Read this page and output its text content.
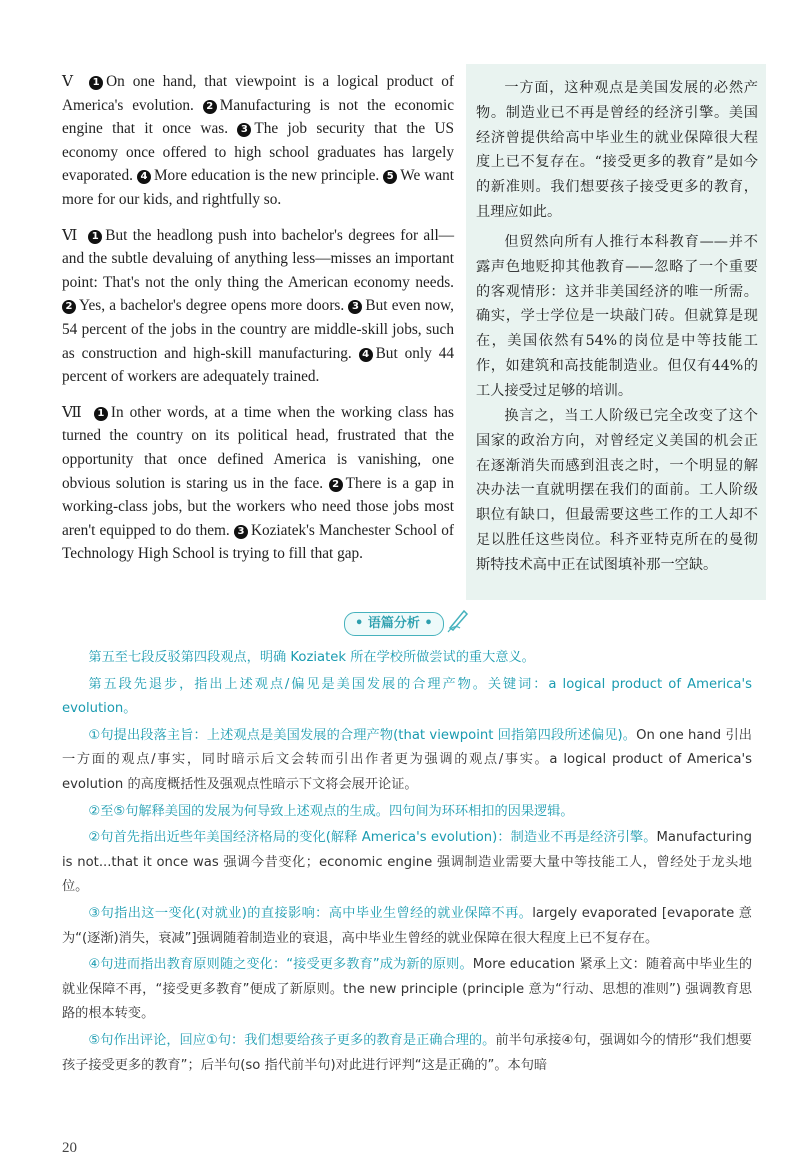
Ⅴ 1 On one hand, that viewpoint is a logical product of America's evolution. 2 Manufacturing is not the economic engine that it once was. 3 The job security that the US economy once offered to high school graduates has largely evaporated. 4 More education is the new principle. 5 We want more for our kids, and rightfully so.

Ⅵ 1 But the headlong push into bachelor's degrees for all—and the subtle devaluing of anything less—misses an important point: That's not the only thing the American economy needs. 2 Yes, a bachelor's degree opens more doors. 3 But even now, 54 percent of the jobs in the country are middle-skill jobs, such as construction and high-skill manufacturing. 4 But only 44 percent of workers are adequately trained.

Ⅶ 1 In other words, at a time when the working class has turned the country on its political head, frustrated that the opportunity that once defined America is vanishing, one obvious solution is staring us in the face. 2 There is a gap in working-class jobs, but the workers who need those jobs most aren't equipped to do them. 3 Koziatek's Manchester School of Technology High School is trying to fill that gap.

一方面，这种观点是美国发展的必然产物。制造业已不再是曾经的经济引擎。美国经济曾提供给高中毕业生的就业保障很大程度上已不复存在。“接受更多的教育”是如今的新准则。我们想要孩子接受更多的教育，且理应如此。

但贸然向所有人推行本科教育——并不露声色地贬抑其他教育——忽略了一个重要的客观情形：这并非美国经济的唯一所需。确实，学士学位是一块敲门砖。但就算是现在，美国依然有54%的岗位是中等技能工作，如建筑和高技能制造业。但仅有44%的工人接受过足够的培训。

换言之，当工人阶级已完全改变了这个国家的政治方向，对曾经定义美国的机会正在逐渐消失而感到沮丧之时，一个明显的解决办法一直就明摆在我们的面前。工人阶级职位有缺口，但最需要这些工作的工人却不足以胜任这些岗位。科齐亚特克所在的曼彻斯特技术高中正在试图填补那一空缺。

• 语篇分析 •

第五至七段反驳第四段观点，明确 Koziatek 所在学校所做尝试的重大意义。

第五段先退步，指出上述观点/偏见是美国发展的合理产物。关键词：a logical product of America's evolution。

①句提出段落主旨：上述观点是美国发展的合理产物(that viewpoint 回指第四段所述偏见)。On one hand 引出一方面的观点/事实，同时暗示后文会转而引出作者更为强调的观点/事实。a logical product of America's evolution 的高度概括性及强观点性暗示下文将会展开论证。

②至⑤句解释美国的发展为何导致上述观点的生成。四句间为环环相扣的因果逻辑。

②句首先指出近些年美国经济格局的变化(解释 America's evolution)：制造业不再是经济引擎。Manufacturing is not...that it once was 强调今昔变化；economic engine 强调制造业需要大量中等技能工人，曾经处于龙头地位。

③句指出这一变化(对就业)的直接影响：高中毕业生曾经的就业保障不再。largely evaporated [evaporate 意为“(逐渐)消失，衰减”]强调随着制造业的衰退，高中毕业生曾经的就业保障在很大程度上已不复存在。

④句进而指出教育原则随之变化：“接受更多教育”成为新的原则。More education 紧承上文：随着高中毕业生的就业保障不再，“接受更多教育”便成了新原则。the new principle (principle 意为“行动、思想的准则”) 强调教育思路的根本转变。

⑤句作出评论，回应①句：我们想要给孩子更多的教育是正确合理的。前半句承接④句，强调如今的情形“我们想要孩子接受更多的教育”；后半句(so 指代前半句)对此进行评判“这是正确的”。本句暗

20
